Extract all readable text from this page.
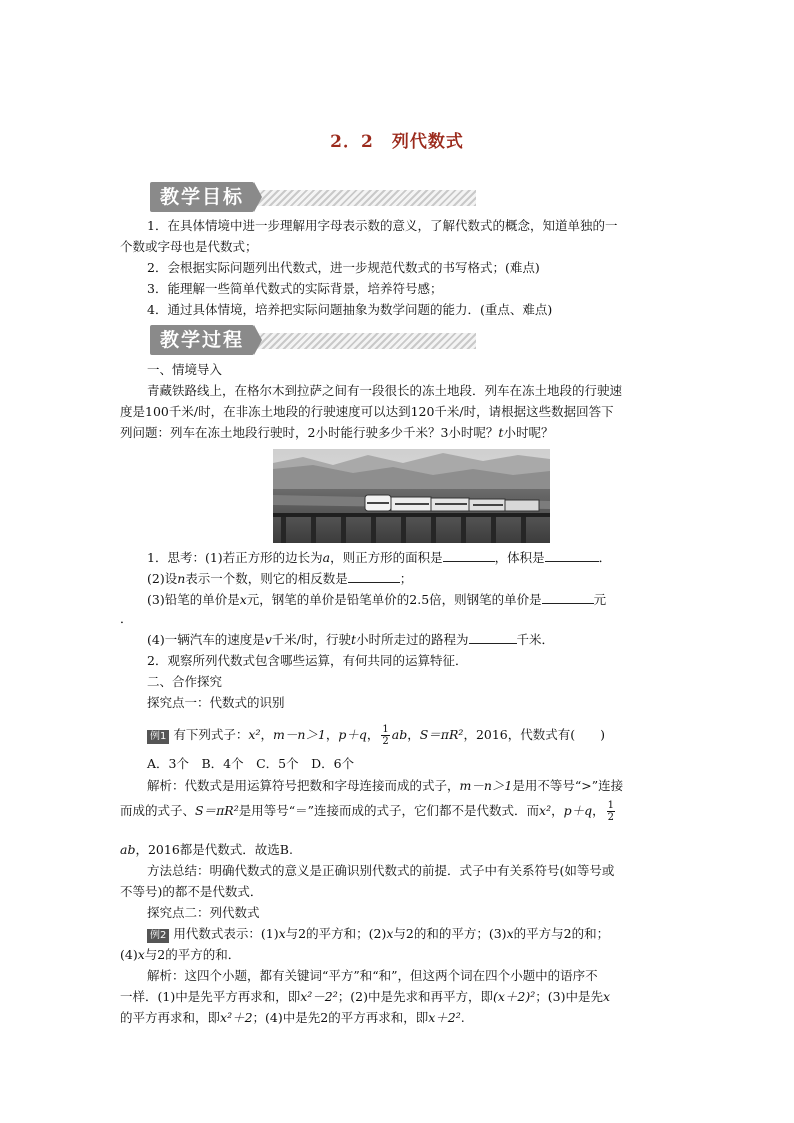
2．2　列代数式
教学目标
1．在具体情境中进一步理解用字母表示数的意义，了解代数式的概念，知道单独的一
个数或字母也是代数式；
2．会根据实际问题列出代数式，进一步规范代数式的书写格式；(难点)
3．能理解一些简单代数式的实际背景，培养符号感；
4．通过具体情境，培养把实际问题抽象为数学问题的能力．(重点、难点)
教学过程
一、情境导入
青藏铁路线上，在格尔木到拉萨之间有一段很长的冻土地段．列车在冻土地段的行驶速
度是100千米/时，在非冻土地段的行驶速度可以达到120千米/时，请根据这些数据回答下
列问题：列车在冻土地段行驶时，2小时能行驶多少千米？3小时呢？t小时呢？
1．思考：(1)若正方形的边长为a，则正方形的面积是	，体积是	．
(2)设n表示一个数，则它的相反数是	；
(3)铅笔的单价是x元，钢笔的单价是铅笔单价的2.5倍，则钢笔的单价是	元
．
(4)一辆汽车的速度是v千米/时，行驶t小时所走过的路程为	千米．
2．观察所列代数式包含哪些运算，有何共同的运算特征．
二、合作探究
探究点一：代数式的识别
例1 有下列式子：x²，m－n＞1，p＋q， $\frac{1}{2}$ ab，S＝πR²，2016，代数式有(　　)
A．3个　B．4个　C．5个　D．6个
解析：代数式是用运算符号把数和字母连接而成的式子，m－n＞1是用不等号“>”连接
而成的式子、S＝πR²是用等号“＝”连接而成的式子，它们都不是代数式．而x²，p＋q， $\frac{1}{2}$
ab，2016都是代数式．故选B.
方法总结：明确代数式的意义是正确识别代数式的前提．式子中有关系符号(如等号或
不等号)的都不是代数式．
探究点二：列代数式
例2 用代数式表示：(1)x与2的平方和；(2)x与2的和的平方；(3)x的平方与2的和；
(4)x与2的平方的和．
解析：这四个小题，都有关键词“平方”和“和”，但这两个词在四个小题中的语序不
一样．(1)中是先平方再求和，即x²－2²；(2)中是先求和再平方，即(x＋2)²；(3)中是先x
的平方再求和，即x²＋2；(4)中是先2的平方再求和，即x＋2².
